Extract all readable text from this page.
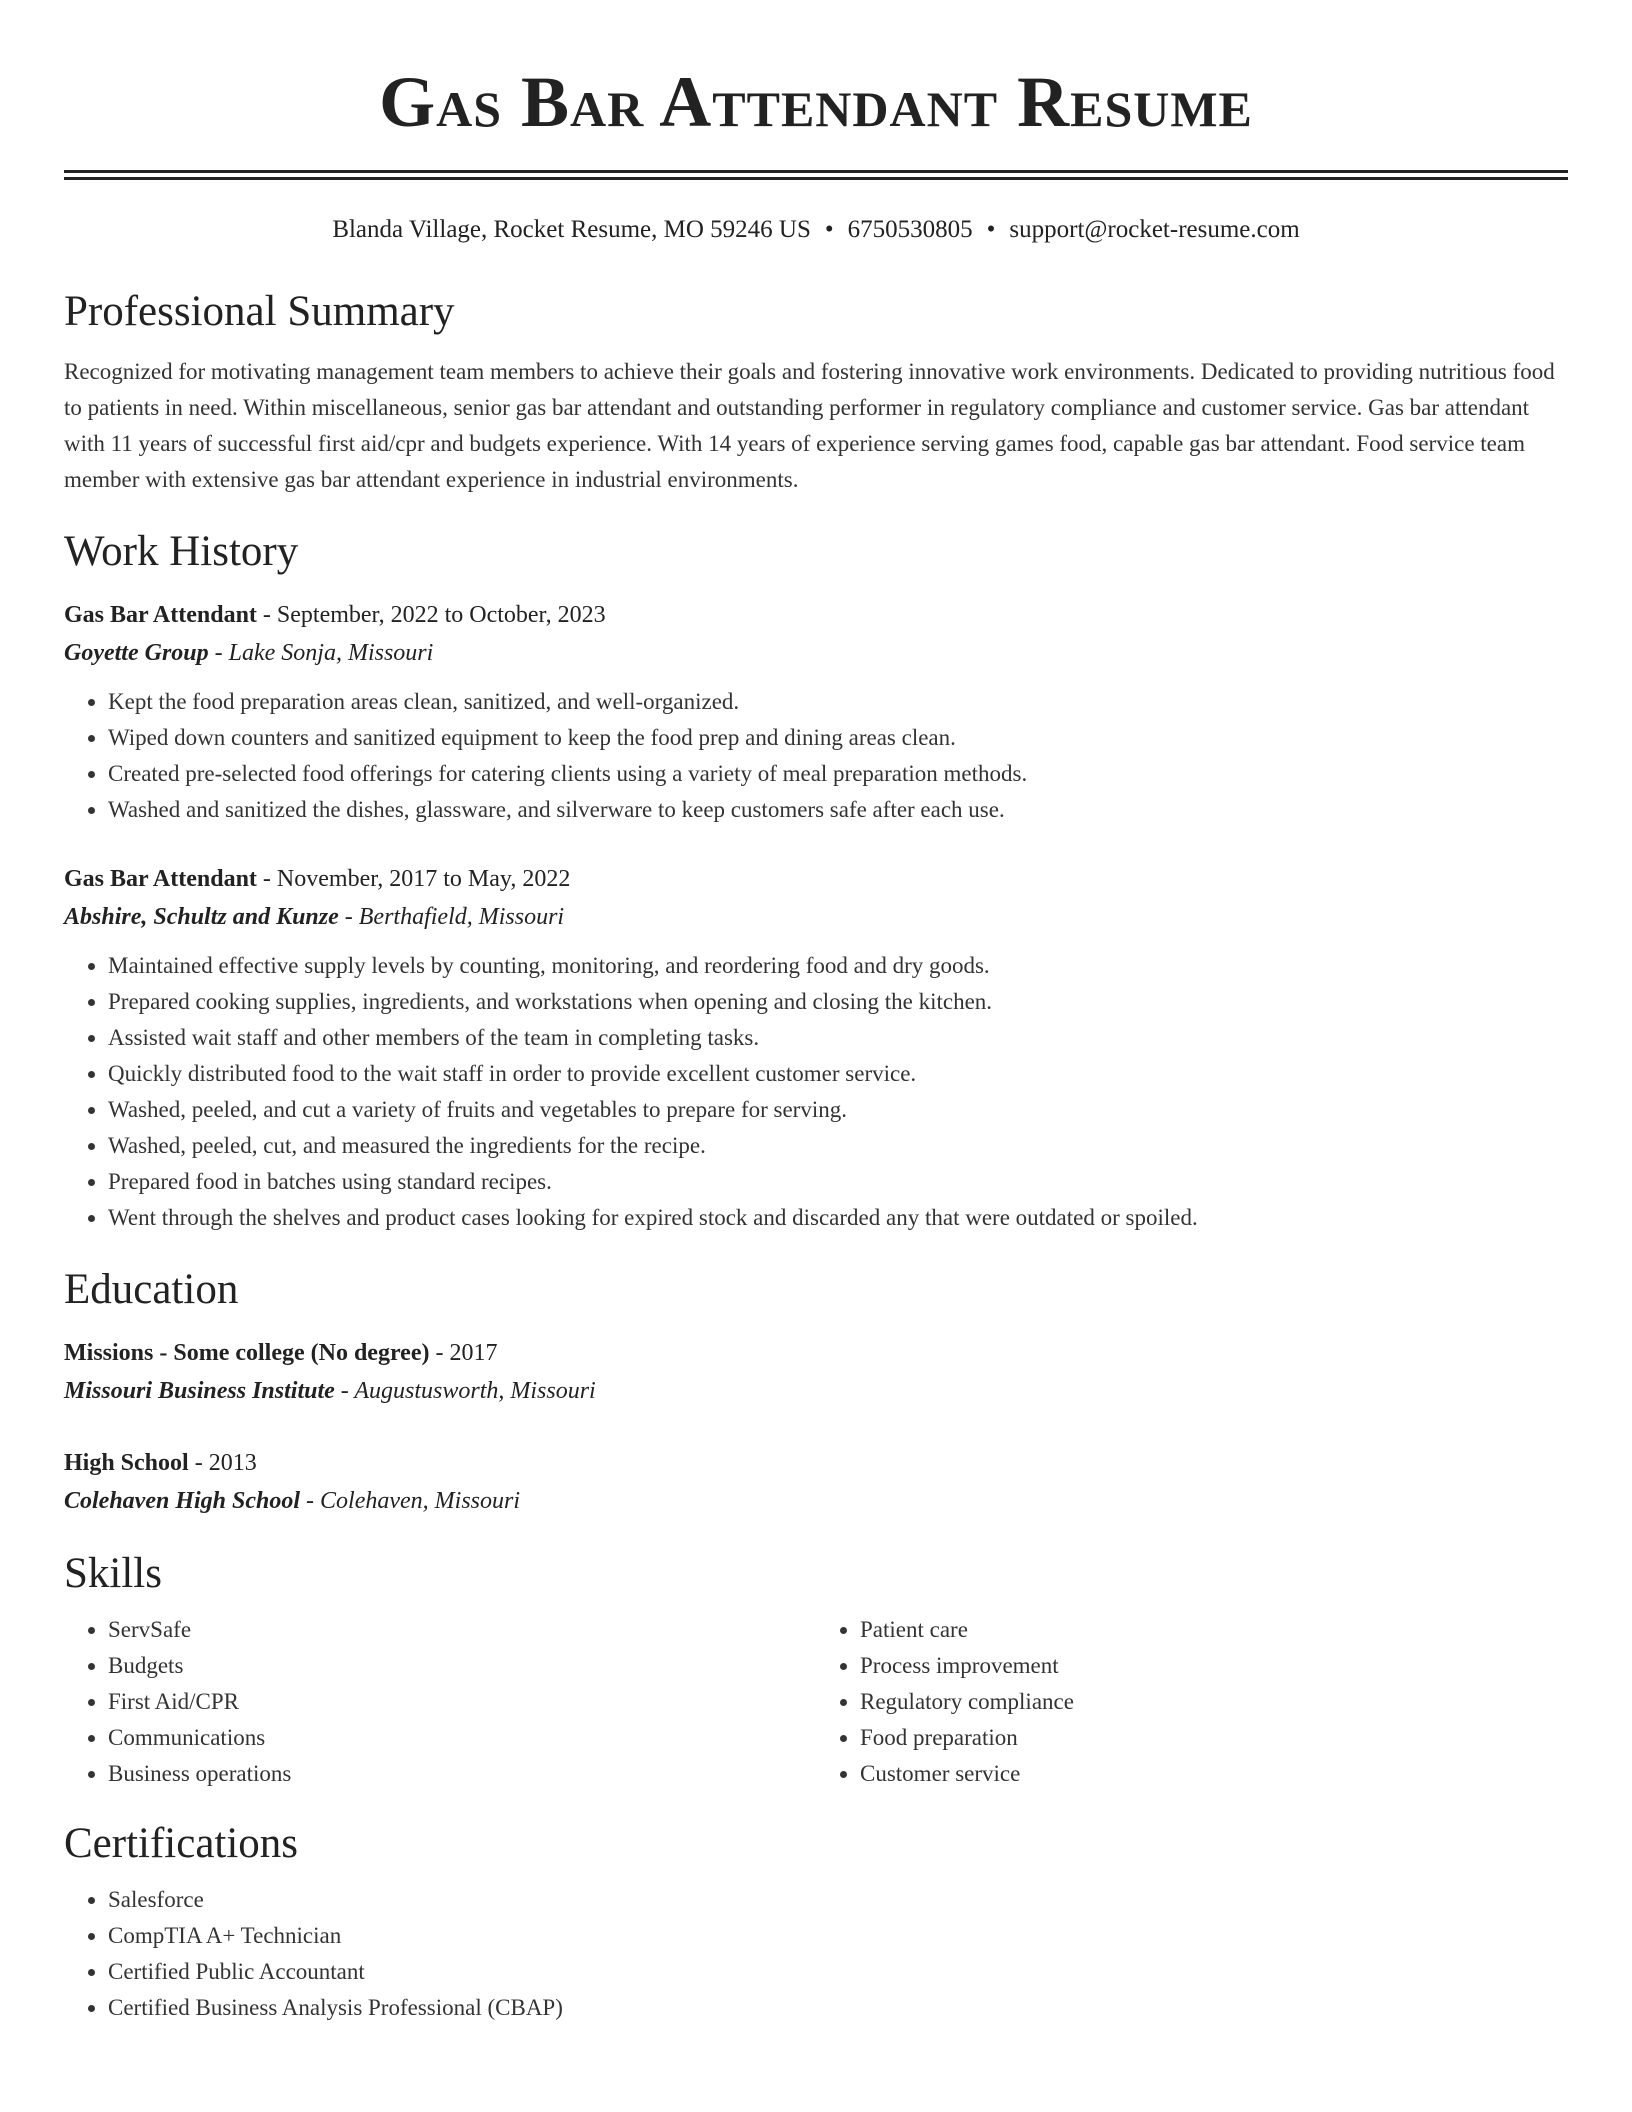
Gas Bar Attendant Resume
Blanda Village, Rocket Resume, MO 59246 US • 6750530805 • support@rocket-resume.com
Professional Summary

Recognized for motivating management team members to achieve their goals and fostering innovative work environments. Dedicated to providing nutritious food to patients in need. Within miscellaneous, senior gas bar attendant and outstanding performer in regulatory compliance and customer service. Gas bar attendant with 11 years of successful first aid/cpr and budgets experience. With 14 years of experience serving games food, capable gas bar attendant. Food service team member with extensive gas bar attendant experience in industrial environments.

Work History
Gas Bar Attendant - September, 2022 to October, 2023
Goyette Group - Lake Sonja, Missouri
• Kept the food preparation areas clean, sanitized, and well-organized.
• Wiped down counters and sanitized equipment to keep the food prep and dining areas clean.
• Created pre-selected food offerings for catering clients using a variety of meal preparation methods.
• Washed and sanitized the dishes, glassware, and silverware to keep customers safe after each use.
Gas Bar Attendant - November, 2017 to May, 2022
Abshire, Schultz and Kunze - Berthafield, Missouri
• Maintained effective supply levels by counting, monitoring, and reordering food and dry goods.
• Prepared cooking supplies, ingredients, and workstations when opening and closing the kitchen.
• Assisted wait staff and other members of the team in completing tasks.
• Quickly distributed food to the wait staff in order to provide excellent customer service.
• Washed, peeled, and cut a variety of fruits and vegetables to prepare for serving.
• Washed, peeled, cut, and measured the ingredients for the recipe.
• Prepared food in batches using standard recipes.
• Went through the shelves and product cases looking for expired stock and discarded any that were outdated or spoiled.
Education
Missions - Some college (No degree) - 2017
Missouri Business Institute - Augustusworth, Missouri
High School - 2013
Colehaven High School - Colehaven, Missouri
Skills
• ServSafe
• Budgets
• First Aid/CPR
• Communications
• Business operations
• Patient care
• Process improvement
• Regulatory compliance
• Food preparation
• Customer service
Certifications
• Salesforce
• CompTIA A+ Technician
• Certified Public Accountant
• Certified Business Analysis Professional (CBAP)
